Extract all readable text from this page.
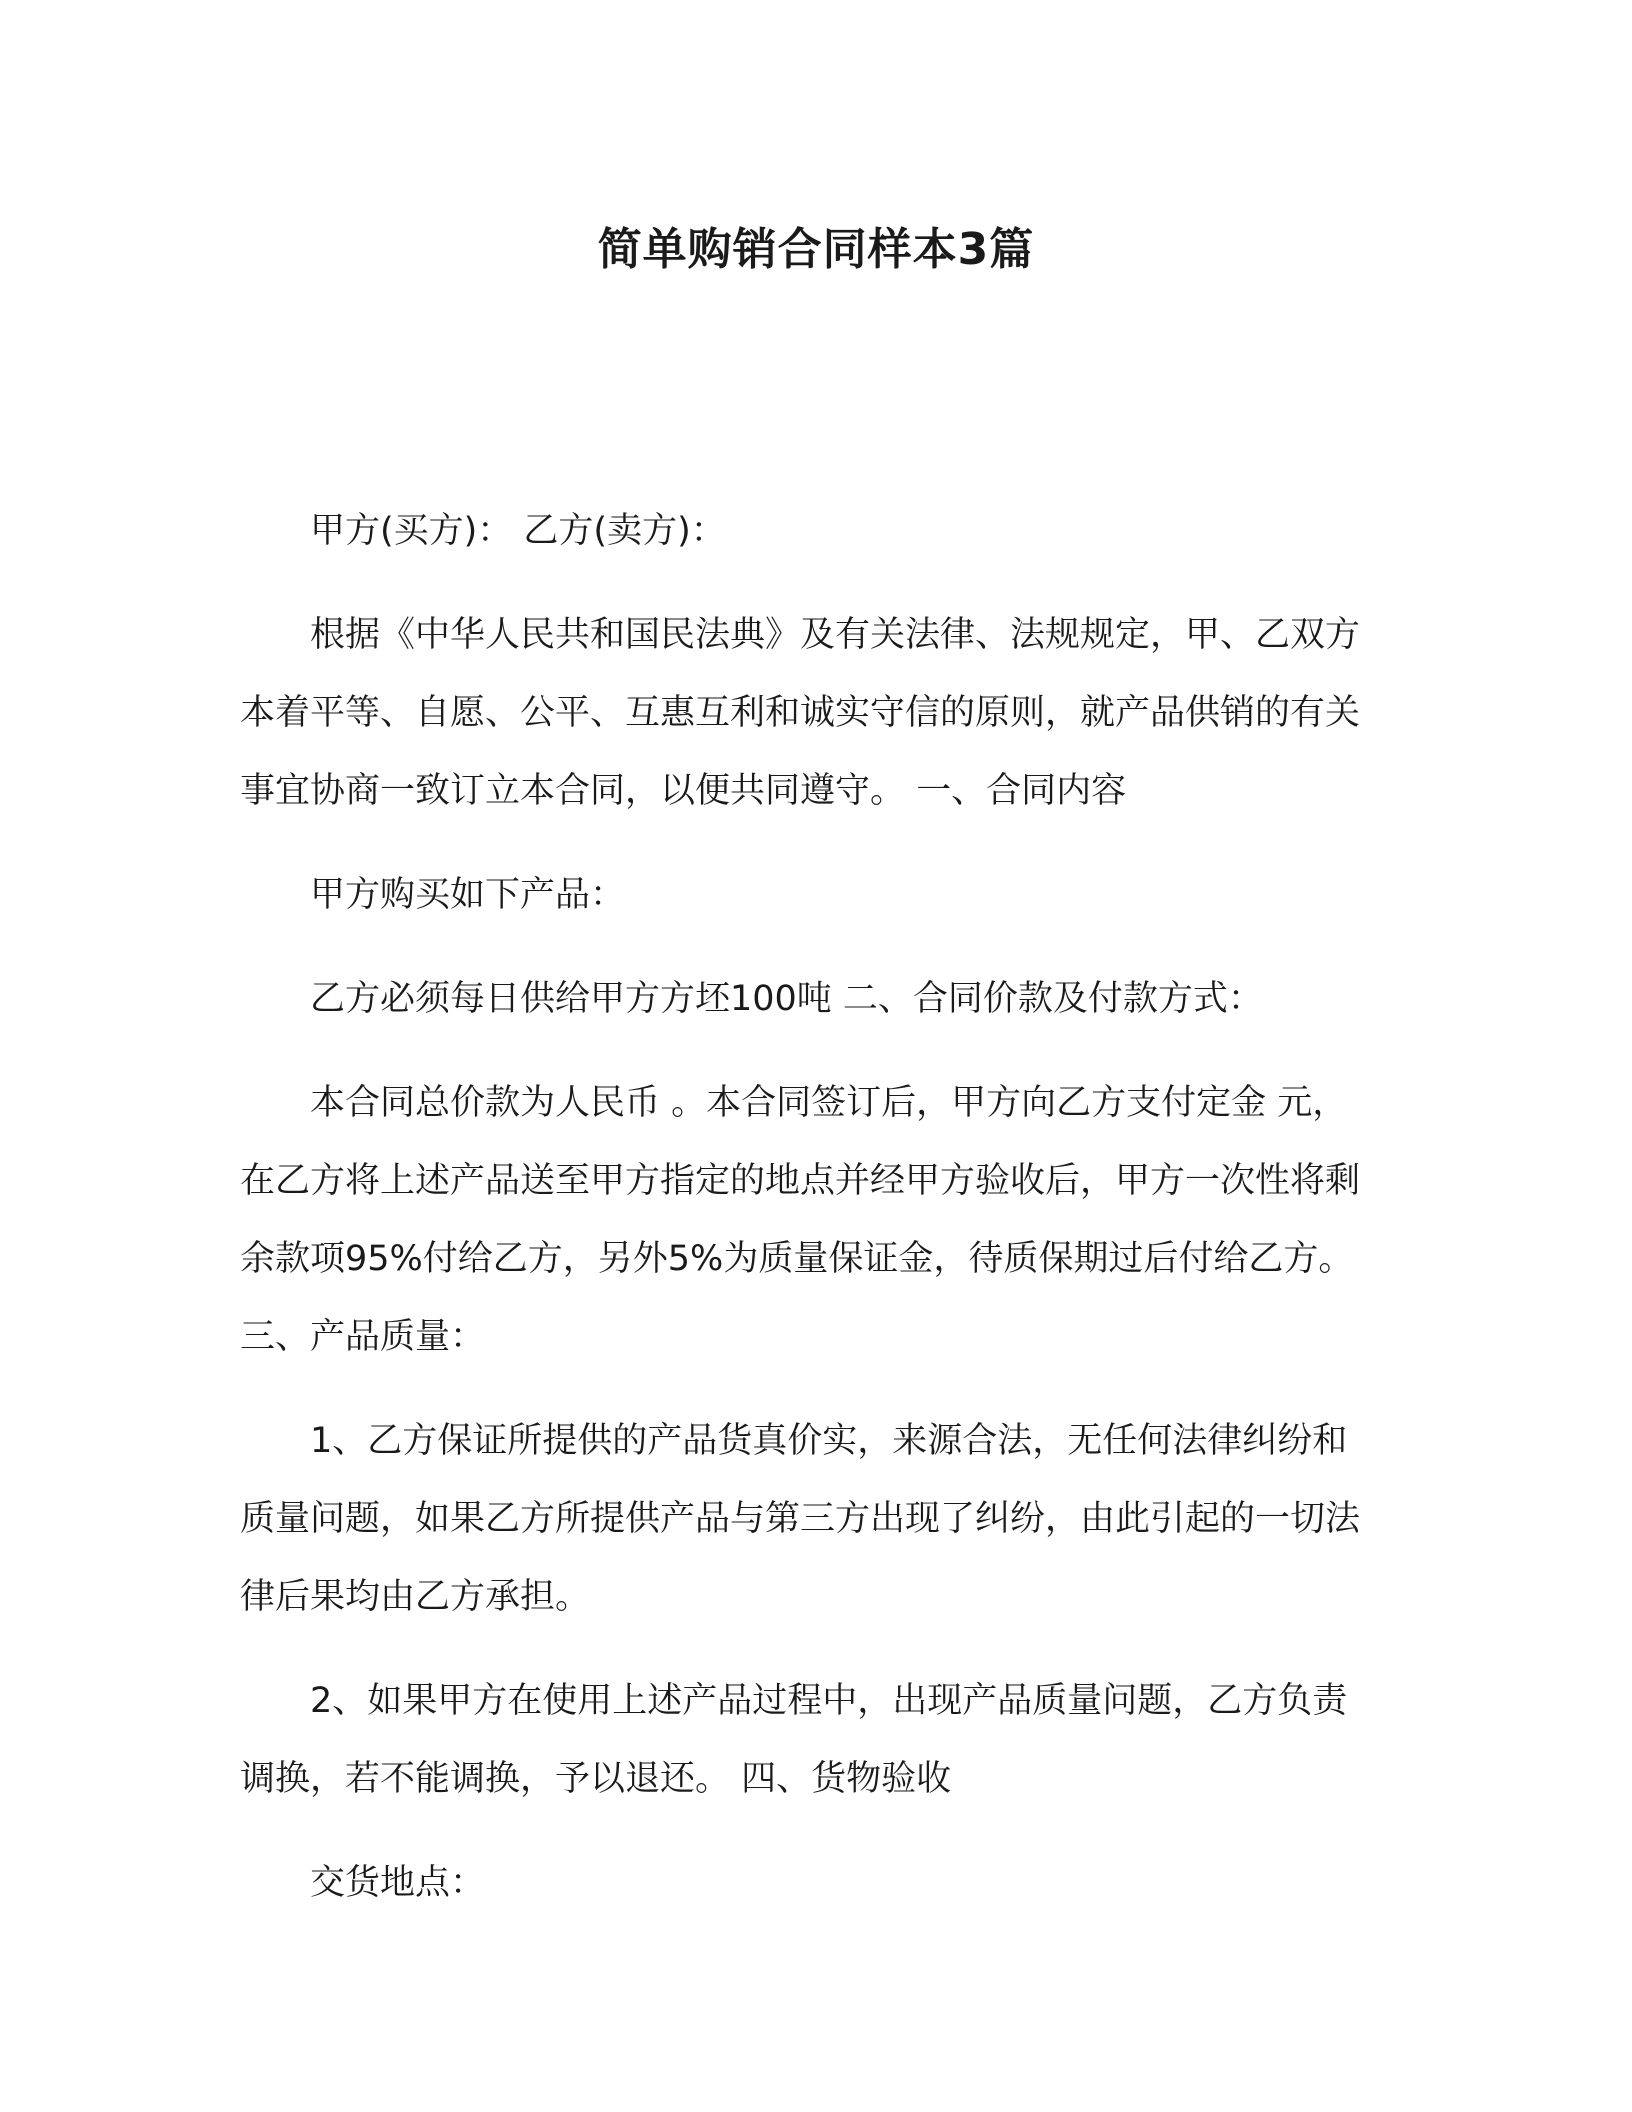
简单购销合同样本3篇

甲方(买方)： 乙方(卖方)：

根据《中华人民共和国民法典》及有关法律、法规规定，甲、乙双方本着平等、自愿、公平、互惠互利和诚实守信的原则，就产品供销的有关事宜协商一致订立本合同，以便共同遵守。 一、合同内容

甲方购买如下产品：

乙方必须每日供给甲方方坯100吨 二、合同价款及付款方式：

本合同总价款为人民币 。本合同签订后，甲方向乙方支付定金 元，在乙方将上述产品送至甲方指定的地点并经甲方验收后，甲方一次性将剩余款项95%付给乙方，另外5%为质量保证金，待质保期过后付给乙方。 三、产品质量：

1、乙方保证所提供的产品货真价实，来源合法，无任何法律纠纷和质量问题，如果乙方所提供产品与第三方出现了纠纷，由此引起的一切法律后果均由乙方承担。

2、如果甲方在使用上述产品过程中，出现产品质量问题，乙方负责调换，若不能调换，予以退还。 四、货物验收

交货地点：
